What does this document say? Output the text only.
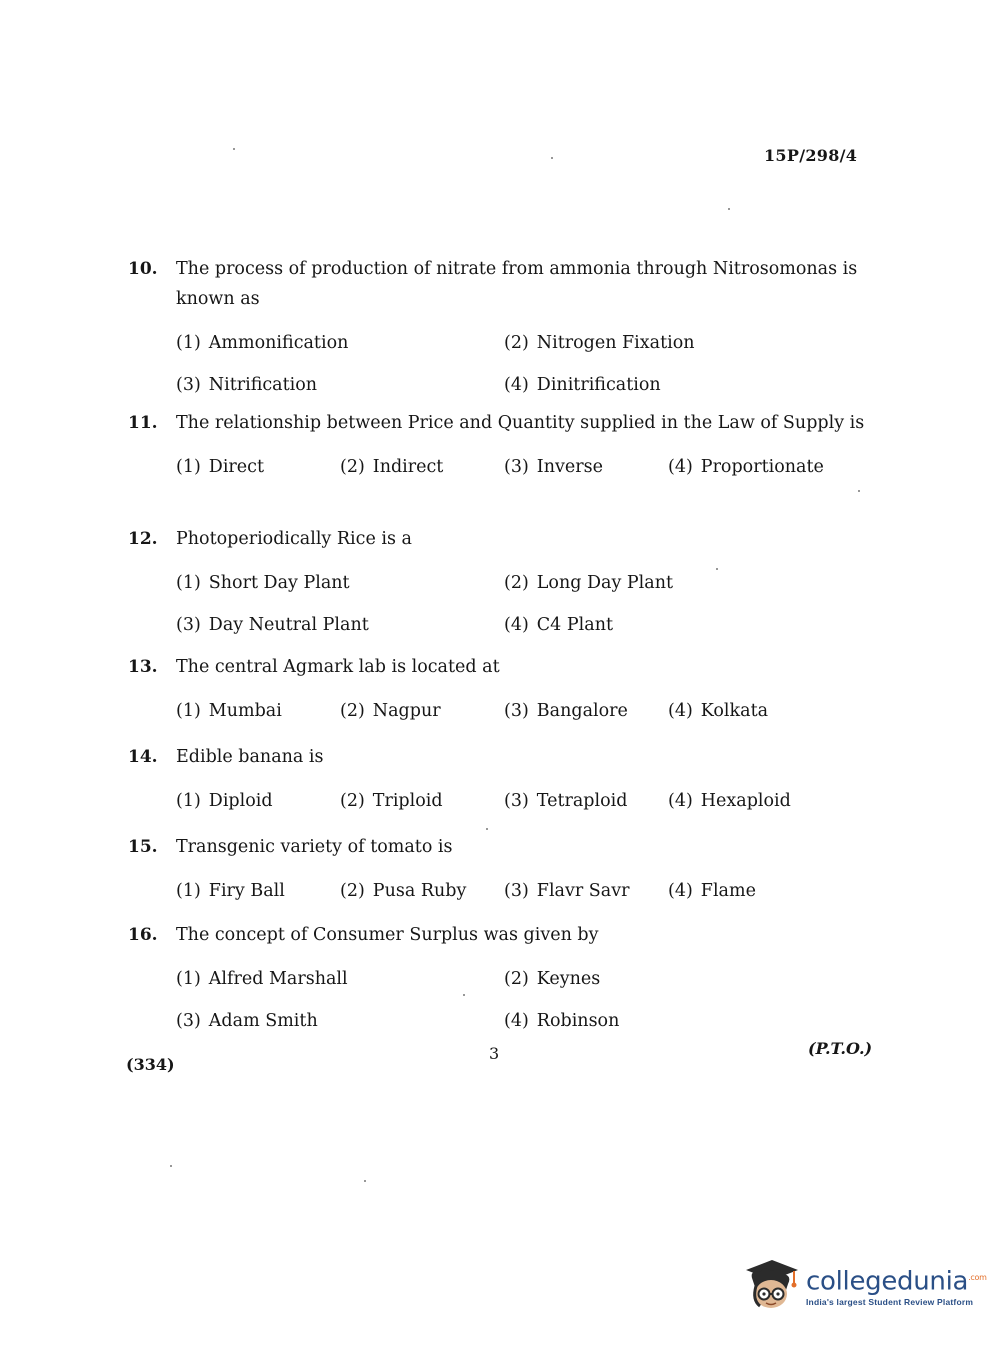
15P/298/4
10.	The process of production of nitrate from ammonia through Nitrosomonas is known as
(1) Ammonification	(2) Nitrogen Fixation
(3) Nitrification	(4) Dinitrification
11.	The relationship between Price and Quantity supplied in the Law of Supply is
(1) Direct	(2) Indirect	(3) Inverse	(4) Proportionate
12.	Photoperiodically Rice is a
(1) Short Day Plant	(2) Long Day Plant
(3) Day Neutral Plant	(4) C4 Plant
13.	The central Agmark lab is located at
(1) Mumbai	(2) Nagpur	(3) Bangalore	(4) Kolkata
14.	Edible banana is
(1) Diploid	(2) Triploid	(3) Tetraploid	(4) Hexaploid
15.	Transgenic variety of tomato is
(1) Firy Ball	(2) Pusa Ruby	(3) Flavr Savr	(4) Flame
16.	The concept of Consumer Surplus was given by
(1) Alfred Marshall	(2) Keynes
(3) Adam Smith	(4) Robinson
(334)
3	(P.T.O.)
collegedunia$^{.com}$
India's largest Student Review Platform
